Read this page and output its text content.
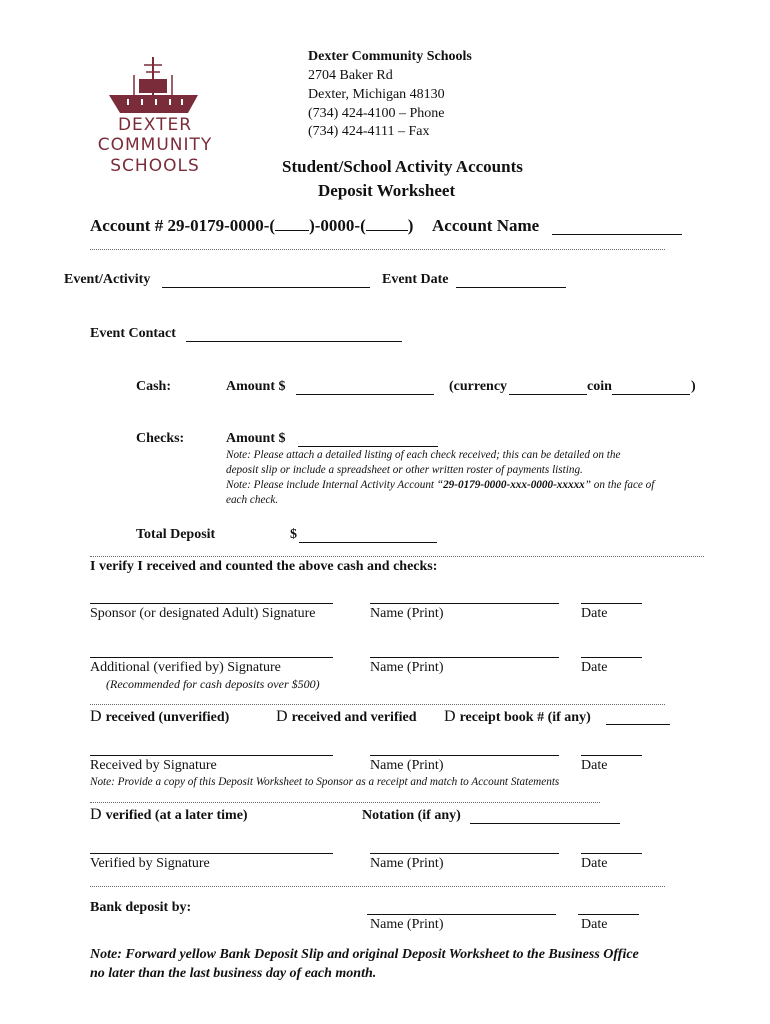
DEXTER
COMMUNITY
SCHOOLS
Dexter Community Schools
2704 Baker Rd
Dexter, Michigan 48130
(734) 424-4100 – Phone
(734) 424-4111 – Fax
Student/School Activity Accounts
Deposit Worksheet
Account # 29-0179-0000-( )-0000-( ) Account Name
Event/Activity	Event Date
Event Contact
Cash:	Amount $	(currency	coin	)
Checks:	Amount $
Note: Please attach a detailed listing of each check received; this can be detailed on the
deposit slip or include a spreadsheet or other written roster of payments listing.
Note: Please include Internal Activity Account “29-0179-0000-xxx-0000-xxxxx” on the face of
each check.
Total Deposit	$
I verify I received and counted the above cash and checks:
Sponsor (or designated Adult) Signature	Name (Print)	Date
Additional (verified by) Signature	Name (Print)	Date
(Recommended for cash deposits over $500)
D received (unverified)	D received and verified D receipt book # (if any)
Received by Signature	Name (Print)	Date
Note: Provide a copy of this Deposit Worksheet to Sponsor as a receipt and match to Account Statements
D verified (at a later time)	Notation (if any)
Verified by Signature	Name (Print)	Date
Bank deposit by:
Name (Print)	Date
Note: Forward yellow Bank Deposit Slip and original Deposit Worksheet to the Business Office
no later than the last business day of each month.
